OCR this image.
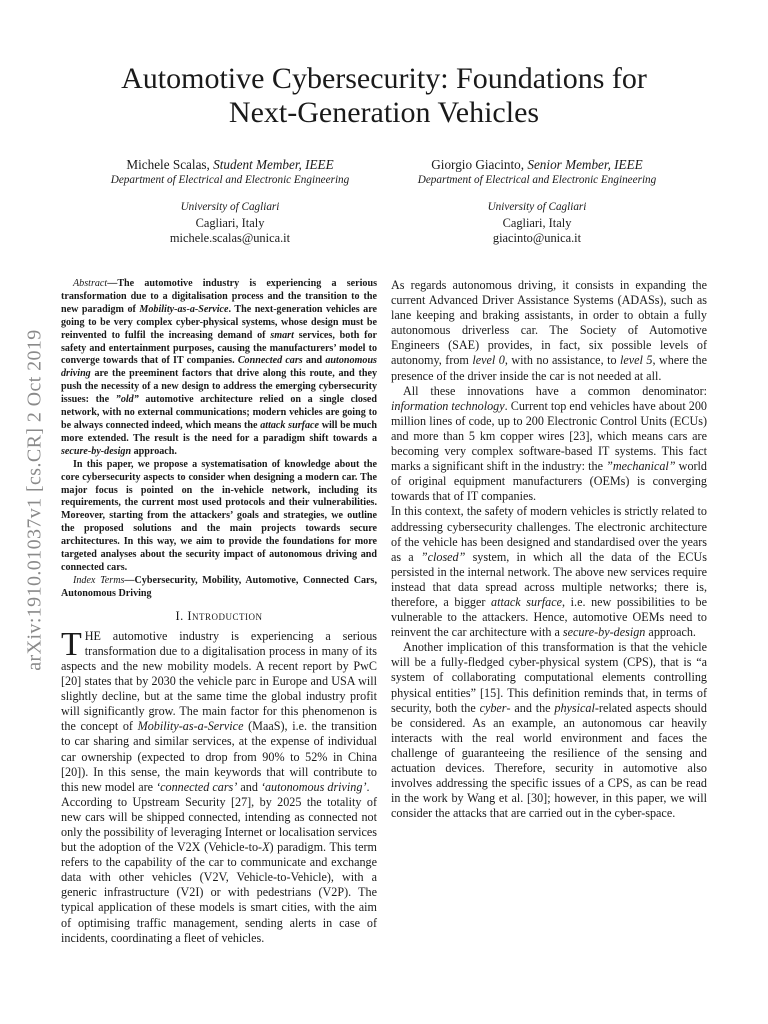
arXiv:1910.01037v1 [cs.CR] 2 Oct 2019
Automotive Cybersecurity: Foundations for
Next-Generation Vehicles
Michele Scalas, Student Member, IEEE
Department of Electrical and Electronic Engineering
University of Cagliari
Cagliari, Italy
michele.scalas@unica.it
Giorgio Giacinto, Senior Member, IEEE
Department of Electrical and Electronic Engineering
University of Cagliari
Cagliari, Italy
giacinto@unica.it

Abstract—The automotive industry is experiencing a serious transformation due to a digitalisation process and the transition to the new paradigm of Mobility-as-a-Service. The next-generation vehicles are going to be very complex cyber-physical systems, whose design must be reinvented to fulfil the increasing demand of smart services, both for safety and entertainment purposes, causing the manufacturers’ model to converge towards that of IT companies. Connected cars and autonomous driving are the preeminent factors that drive along this route, and they push the necessity of a new design to address the emerging cybersecurity issues: the ”old” automotive architecture relied on a single closed network, with no external communications; modern vehicles are going to be always connected indeed, which means the attack surface will be much more extended. The result is the need for a paradigm shift towards a secure-by-design approach.

In this paper, we propose a systematisation of knowledge about the core cybersecurity aspects to consider when designing a modern car. The major focus is pointed on the in-vehicle network, including its requirements, the current most used protocols and their vulnerabilities. Moreover, starting from the attackers’ goals and strategies, we outline the proposed solutions and the main projects towards secure architectures. In this way, we aim to provide the foundations for more targeted analyses about the security impact of autonomous driving and connected cars.

Index Terms—Cybersecurity, Mobility, Automotive, Connected Cars, Autonomous Driving

I. Introduction

THE automotive industry is experiencing a serious transformation due to a digitalisation process in many of its aspects and the new mobility models. A recent report by PwC [20] states that by 2030 the vehicle parc in Europe and USA will slightly decline, but at the same time the global industry profit will significantly grow. The main factor for this phenomenon is the concept of Mobility-as-a-Service (MaaS), i.e. the transition to car sharing and similar services, at the expense of individual car ownership (expected to drop from 90% to 52% in China [20]). In this sense, the main keywords that will contribute to this new model are ‘connected cars’ and ‘autonomous driving’.

According to Upstream Security [27], by 2025 the totality of new cars will be shipped connected, intending as connected not only the possibility of leveraging Internet or localisation services but the adoption of the V2X (Vehicle-to-X) paradigm. This term refers to the capability of the car to communicate and exchange data with other vehicles (V2V, Vehicle-to-Vehicle), with a generic infrastructure (V2I) or with pedestrians (V2P). The typical application of these models is smart cities, with the aim of optimising traffic management, sending alerts in case of incidents, coordinating a fleet of vehicles.

As regards autonomous driving, it consists in expanding the current Advanced Driver Assistance Systems (ADASs), such as lane keeping and braking assistants, in order to obtain a fully autonomous driverless car. The Society of Automotive Engineers (SAE) provides, in fact, six possible levels of autonomy, from level 0, with no assistance, to level 5, where the presence of the driver inside the car is not needed at all.

All these innovations have a common denominator: information technology. Current top end vehicles have about 200 million lines of code, up to 200 Electronic Control Units (ECUs) and more than 5 km copper wires [23], which means cars are becoming very complex software-based IT systems. This fact marks a significant shift in the industry: the ”mechanical” world of original equipment manufacturers (OEMs) is converging towards that of IT companies.

In this context, the safety of modern vehicles is strictly related to addressing cybersecurity challenges. The electronic architecture of the vehicle has been designed and standardised over the years as a ”closed” system, in which all the data of the ECUs persisted in the internal network. The above new services require instead that data spread across multiple networks; there is, therefore, a bigger attack surface, i.e. new possibilities to be vulnerable to the attackers. Hence, automotive OEMs need to reinvent the car architecture with a secure-by-design approach.

Another implication of this transformation is that the vehicle will be a fully-fledged cyber-physical system (CPS), that is “a system of collaborating computational elements controlling physical entities” [15]. This definition reminds that, in terms of security, both the cyber- and the physical-related aspects should be considered. As an example, an autonomous car heavily interacts with the real world environment and faces the challenge of guaranteeing the resilience of the sensing and actuation devices. Therefore, security in automotive also involves addressing the specific issues of a CPS, as can be read in the work by Wang et al. [30]; however, in this paper, we will consider the attacks that are carried out in the cyber-space.
